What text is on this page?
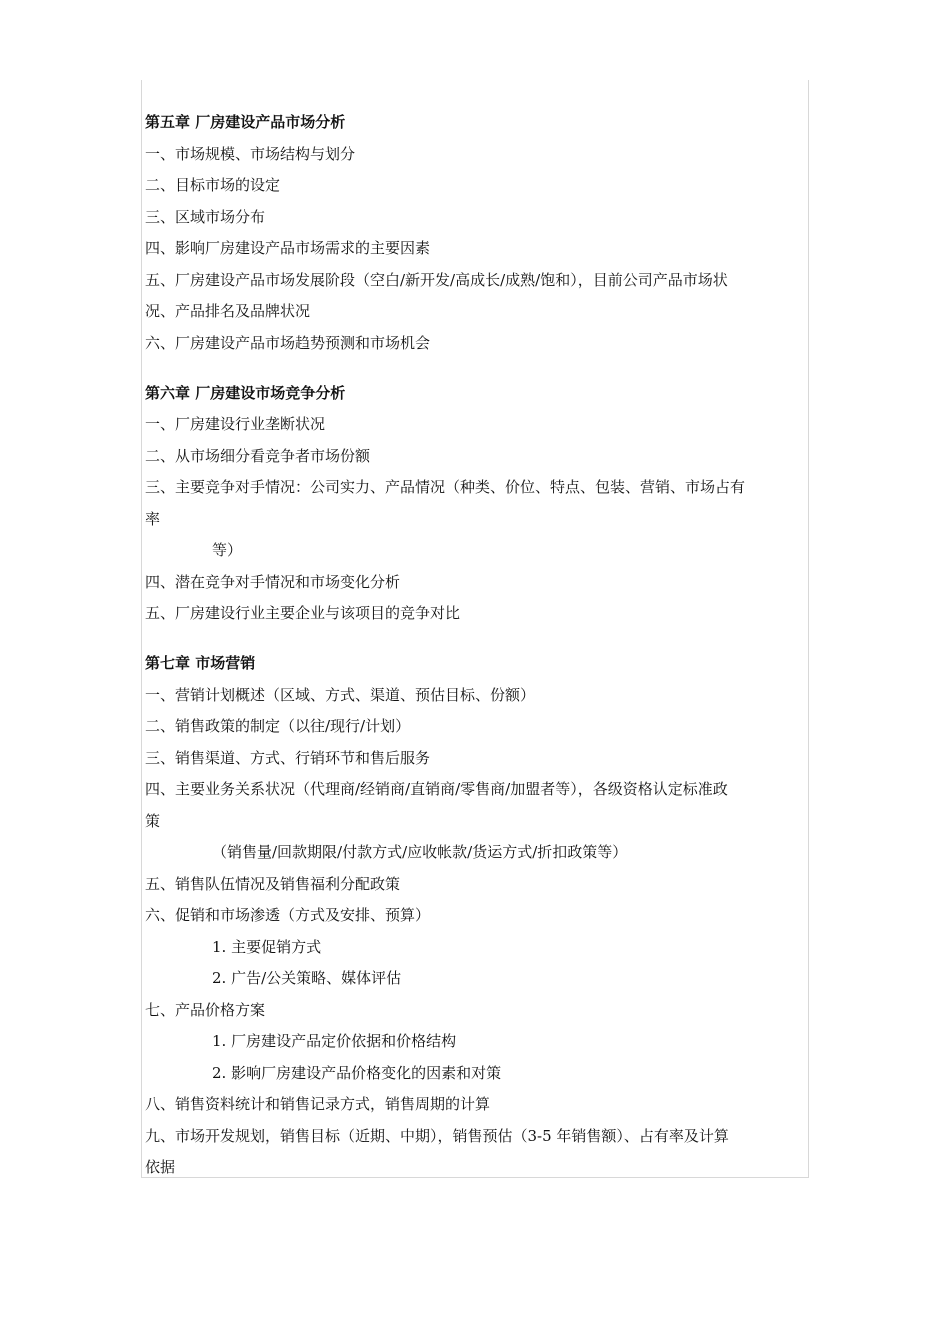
第五章 厂房建设产品市场分析
一、市场规模、市场结构与划分
二、目标市场的设定
三、区域市场分布
四、影响厂房建设产品市场需求的主要因素
五、厂房建设产品市场发展阶段（空白/新开发/高成长/成熟/饱和），目前公司产品市场状
况、产品排名及品牌状况
六、厂房建设产品市场趋势预测和市场机会
第六章 厂房建设市场竞争分析
一、厂房建设行业垄断状况
二、从市场细分看竞争者市场份额
三、主要竞争对手情况：公司实力、产品情况（种类、价位、特点、包装、营销、市场占有
率
等）
四、潜在竞争对手情况和市场变化分析
五、厂房建设行业主要企业与该项目的竞争对比
第七章 市场营销
一、营销计划概述（区域、方式、渠道、预估目标、份额）
二、销售政策的制定（以往/现行/计划）
三、销售渠道、方式、行销环节和售后服务
四、主要业务关系状况（代理商/经销商/直销商/零售商/加盟者等），各级资格认定标准政
策
（销售量/回款期限/付款方式/应收帐款/货运方式/折扣政策等）
五、销售队伍情况及销售福利分配政策
六、促销和市场渗透（方式及安排、预算）
1. 主要促销方式
2. 广告/公关策略、媒体评估
七、产品价格方案
1. 厂房建设产品定价依据和价格结构
2. 影响厂房建设产品价格变化的因素和对策
八、销售资料统计和销售记录方式，销售周期的计算
九、市场开发规划，销售目标（近期、中期），销售预估（3-5 年销售额）、占有率及计算
依据
